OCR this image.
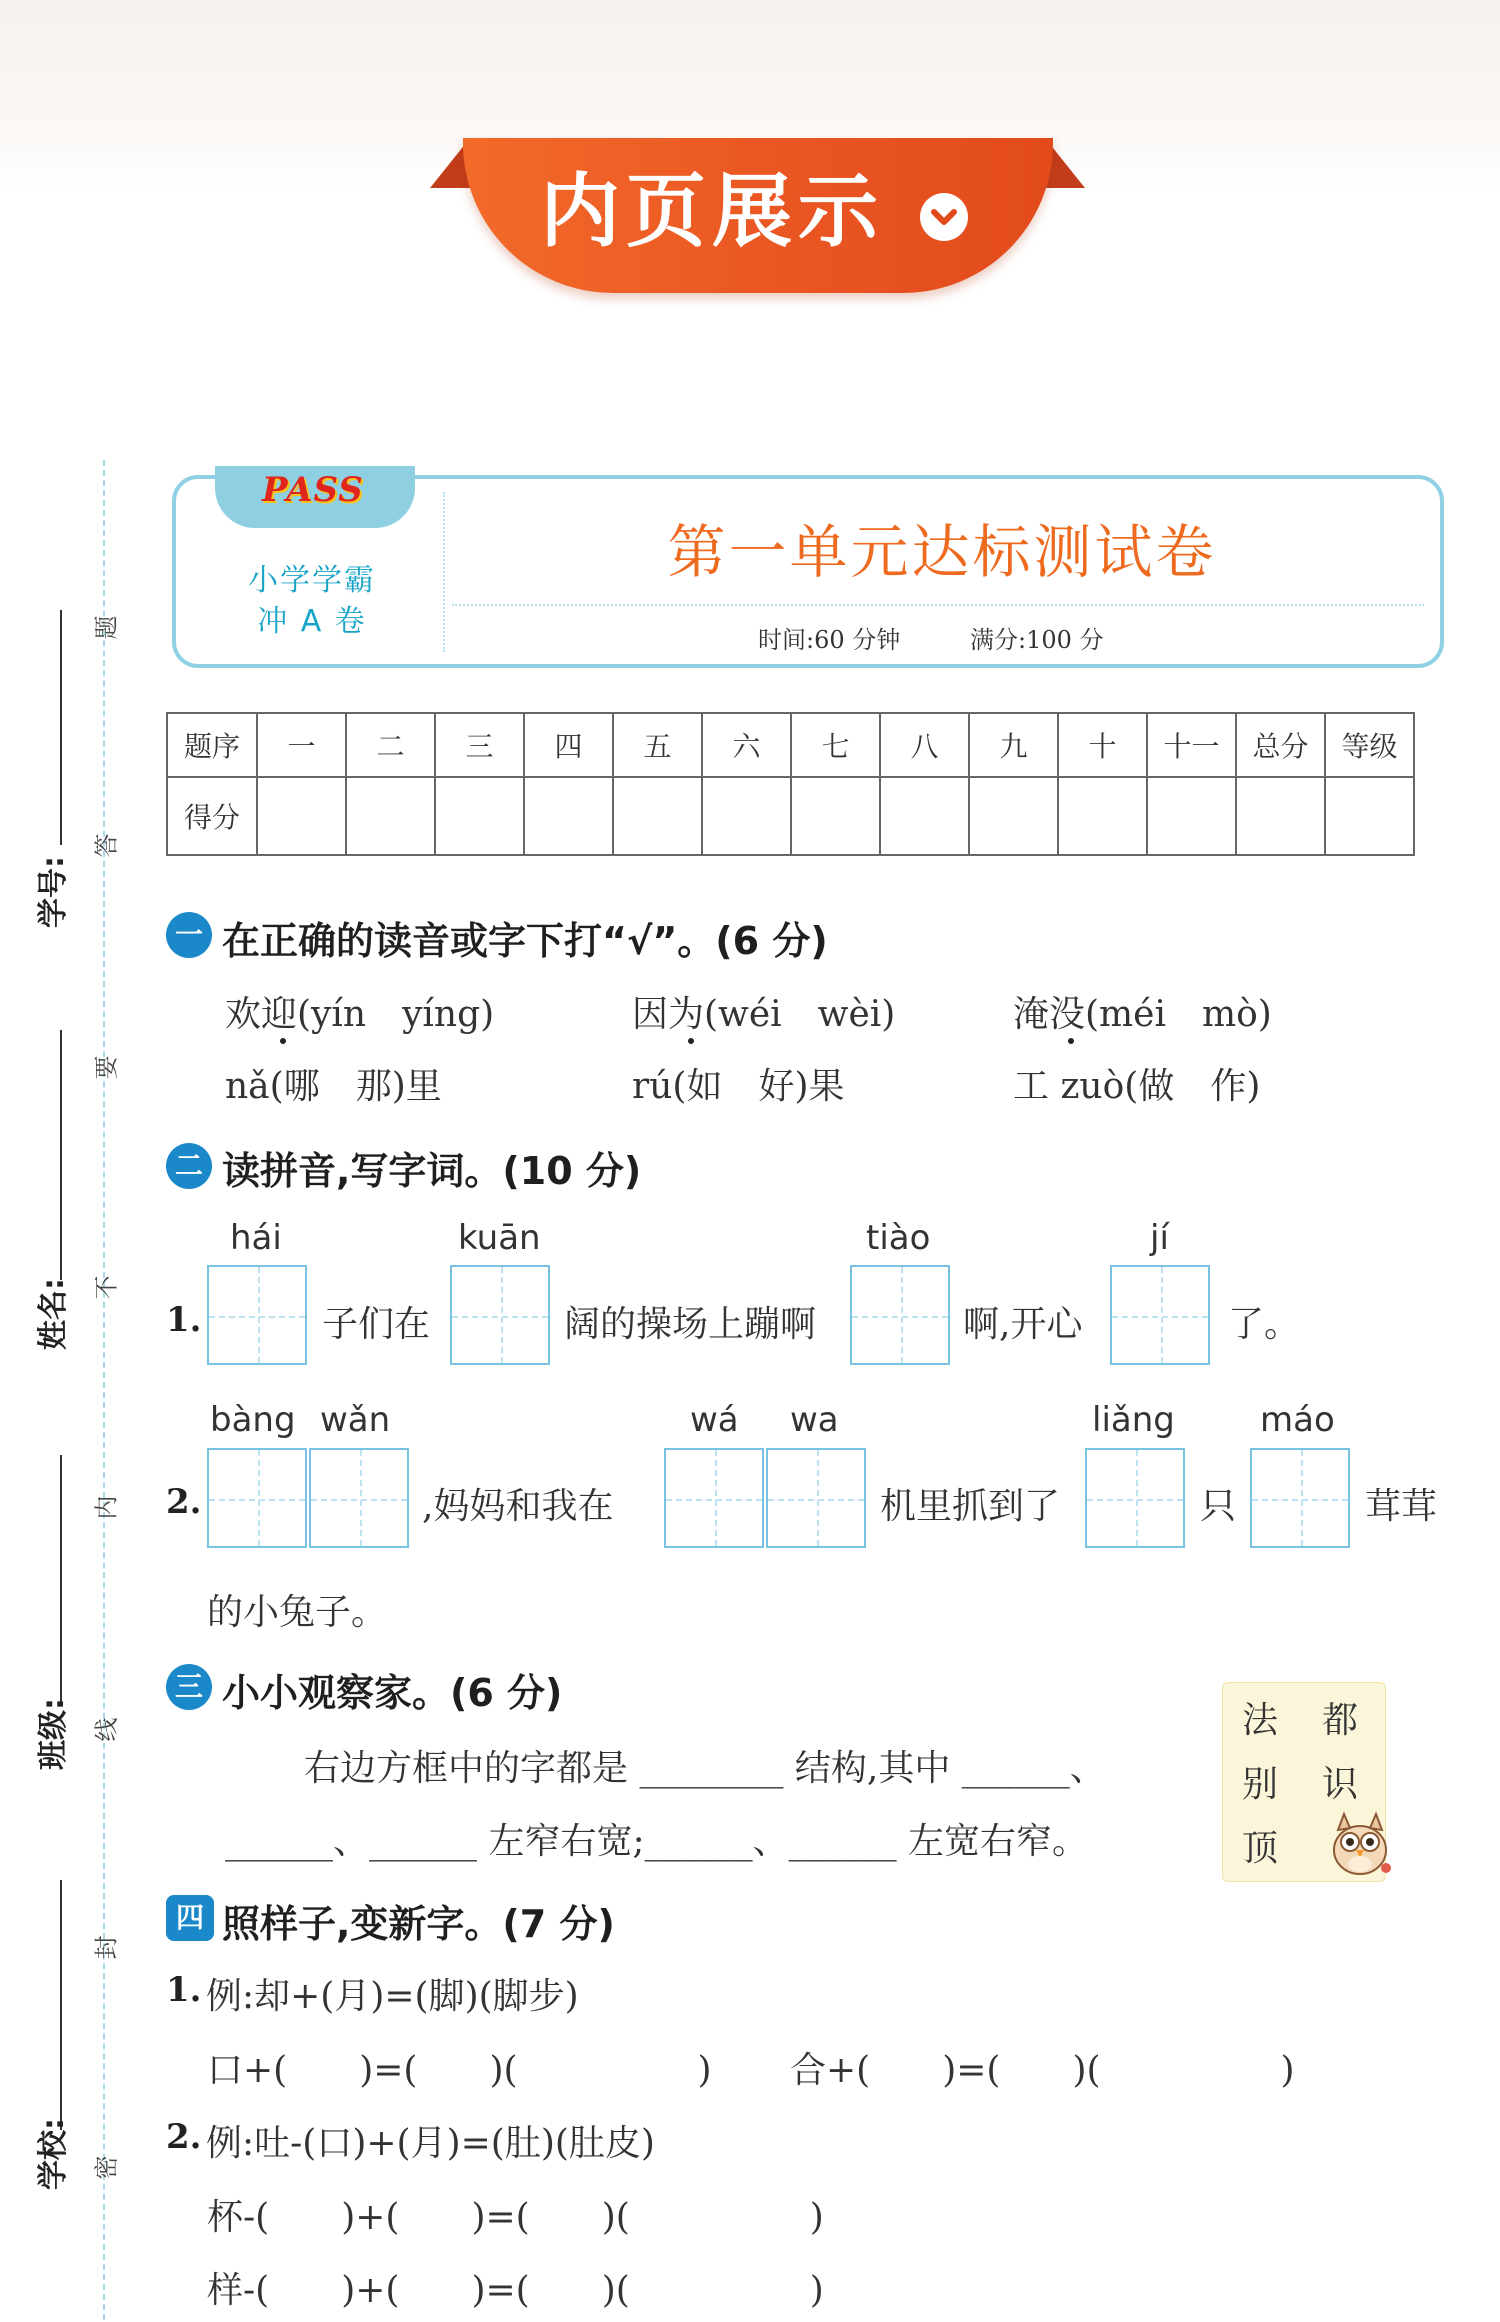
内页展示
学号:
姓名:
班级:
学校:
题
答
要
不
内
线
封
密
PASS
小学学霸
冲 A 卷
第一单元达标测试卷
时间:60 分钟	满分:100 分
题序	一	二	三	四	五	六	七	八	九	十	十一	总分	等级
得分													
一 在正确的读音或字下打“√”。(6 分)
欢迎(yín　yíng)	因为(wéi　wèi)	淹没(méi　mò)
nǎ(哪　那)里	rú(如　好)果	工 zuò(做　作)
二 读拼音,写字词。(10 分)
hái	kuān	tiào	jí
1.	子们在	阔的操场上蹦啊	啊,开心	了。
bàng wǎn	wá wa	liǎng	máo
2.	,妈妈和我在	机里抓到了	只	茸茸
的小兔子。
三 小小观察家。(6 分)
右边方框中的字都是 ________ 结构,其中 ______、
______、______ 左窄右宽;______、______ 左宽右窄。
法 都
别 识
顶
四 照样子,变新字。(7 分)
1. 例:却+(月)=(脚)(脚步)
口+(　　)=(　　)(　　　　　) 合+(　　)=(　　)(　　　　　)
2. 例:吐-(口)+(月)=(肚)(肚皮)
杯-(　　)+(　　)=(　　)(　　　　　)
样-(　　)+(　　)=(　　)(　　　　　)
